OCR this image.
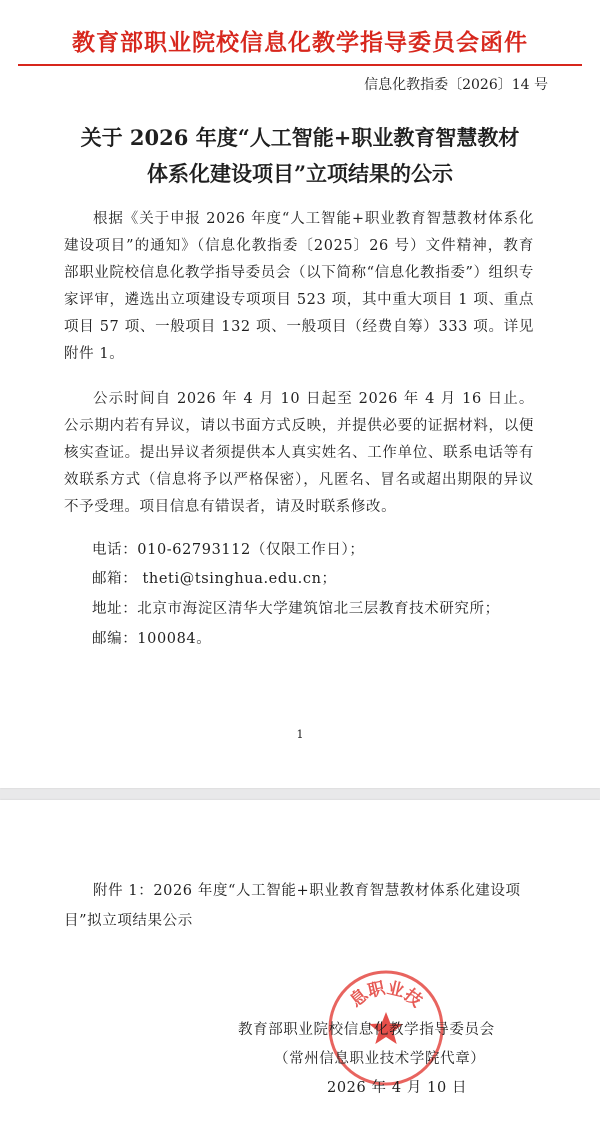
教育部职业院校信息化教学指导委员会函件
信息化教指委〔2026〕14 号
关于 2026 年度“人工智能+职业教育智慧教材
体系化建设项目”立项结果的公示
根据《关于申报 2026 年度“人工智能+职业教育智慧教材体系化建设项目”的通知》（信息化教指委〔2025〕26 号）文件精神，教育部职业院校信息化教学指导委员会（以下简称“信息化教指委”）组织专家评审，遴选出立项建设专项项目 523 项，其中重大项目 1 项、重点项目 57 项、一般项目 132 项、一般项目（经费自筹）333 项。详见附件 1。
公示时间自 2026 年 4 月 10 日起至 2026 年 4 月 16 日止。公示期内若有异议，请以书面方式反映，并提供必要的证据材料，以便核实查证。提出异议者须提供本人真实姓名、工作单位、联系电话等有效联系方式（信息将予以严格保密），凡匿名、冒名或超出期限的异议不予受理。项目信息有错误者，请及时联系修改。
电话：010-62793112（仅限工作日）；
邮箱： theti@tsinghua.edu.cn；
地址：北京市海淀区清华大学建筑馆北三层教育技术研究所；
邮编：100084。
1
附件 1：2026 年度“人工智能+职业教育智慧教材体系化建设项目”拟立项结果公示
息职业技
教育部职业院校信息化教学指导委员会
（常州信息职业技术学院代章）
2026 年 4 月 10 日
